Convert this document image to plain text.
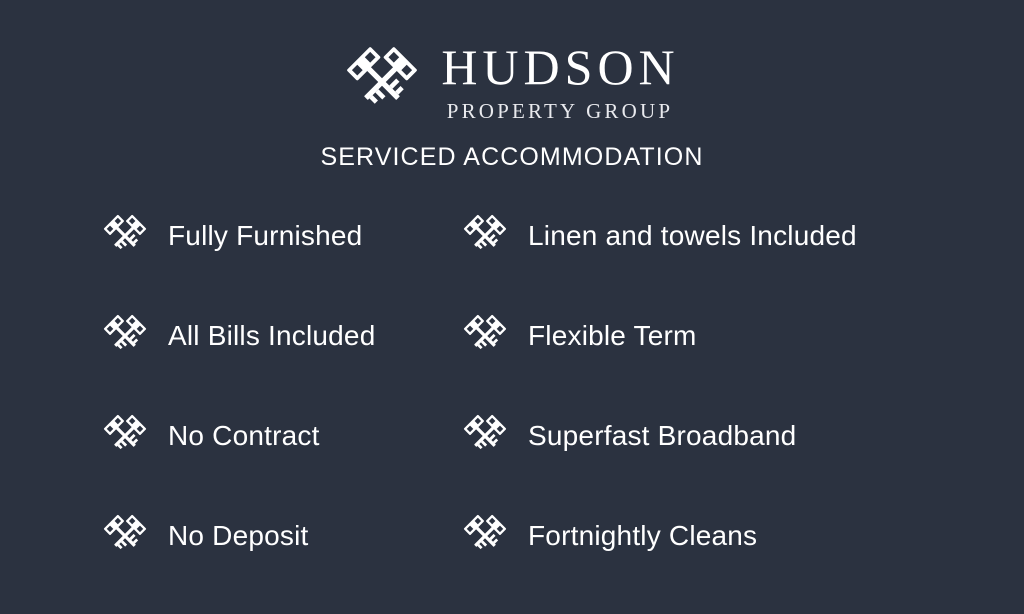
HUDSON
PROPERTY GROUP
SERVICED ACCOMMODATION
Fully Furnished	Linen and towels Included
All Bills Included	Flexible Term
No Contract	Superfast Broadband
No Deposit	Fortnightly Cleans
